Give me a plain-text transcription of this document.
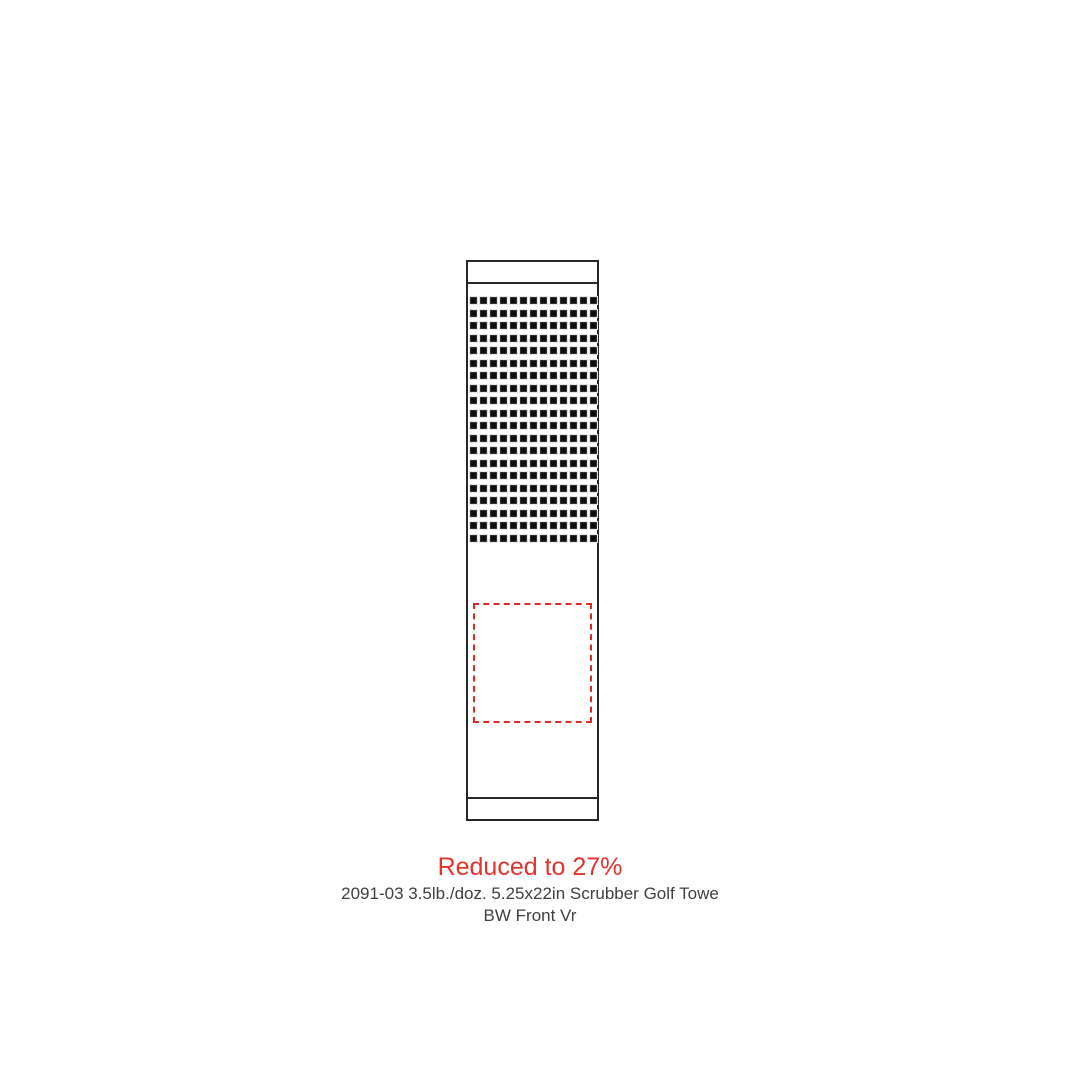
Reduced to 27%
2091-03 3.5lb./doz. 5.25x22in Scrubber Golf Towe
BW Front Vr
